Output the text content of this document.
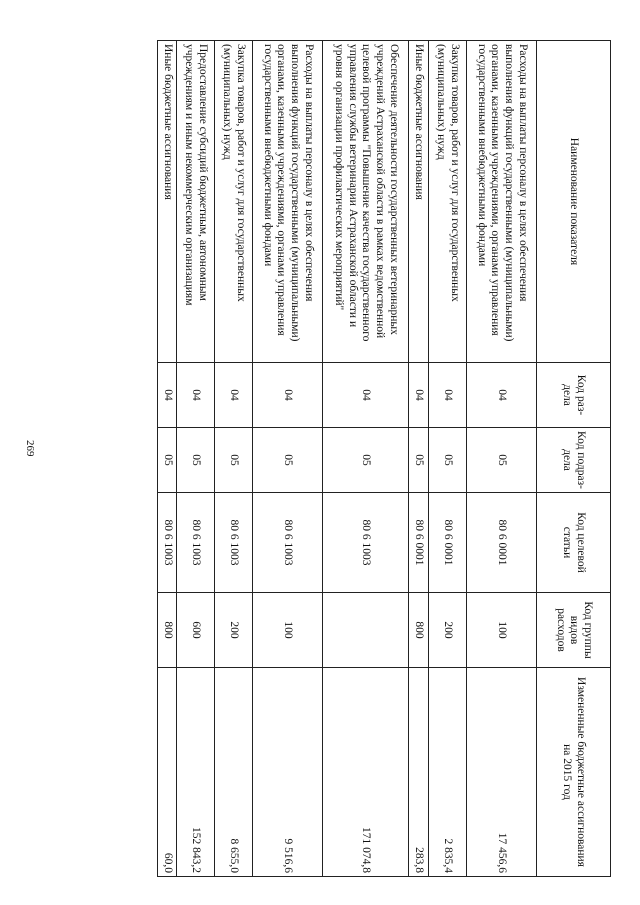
269
Наименование показателя	Код раз-дела	Код подраз-дела	Код целевой статьи	Код группы видов расходов	Измененные бюджетные ассигнования на 2015 год
Расходы на выплаты персоналу в целях обеспечения выполнения функций государственными (муниципальными) органами, казенными учреждениями, органами управления государственными внебюджетными фондами	04	05	80 6 0001	100	17 456,6
Закупка товаров, работ и услуг для государственных (муниципальных) нужд	04	05	80 6 0001	200	2 835,4
Иные бюджетные ассигнования	04	05	80 6 0001	800	283,8
Обеспечение деятельности государственных ветеринарных учреждений Астраханской области в рамках ведомственной целевой программы "Повышение качества государственного управления службы ветеринарии Астраханской области и уровня организации профилактических мероприятий"	04	05	80 6 1003		171 074,8
Расходы на выплаты персоналу в целях обеспечения выполнения функций государственными (муниципальными) органами, казенными учреждениями, органами управления государственными внебюджетными фондами	04	05	80 6 1003	100	9 516,6
Закупка товаров, работ и услуг для государственных (муниципальных) нужд	04	05	80 6 1003	200	8 655,0
Предоставление субсидий бюджетным, автономным учреждениям и иным некоммерческим организациям	04	05	80 6 1003	600	152 843,2
Иные бюджетные ассигнования	04	05	80 6 1003	800	60,0
